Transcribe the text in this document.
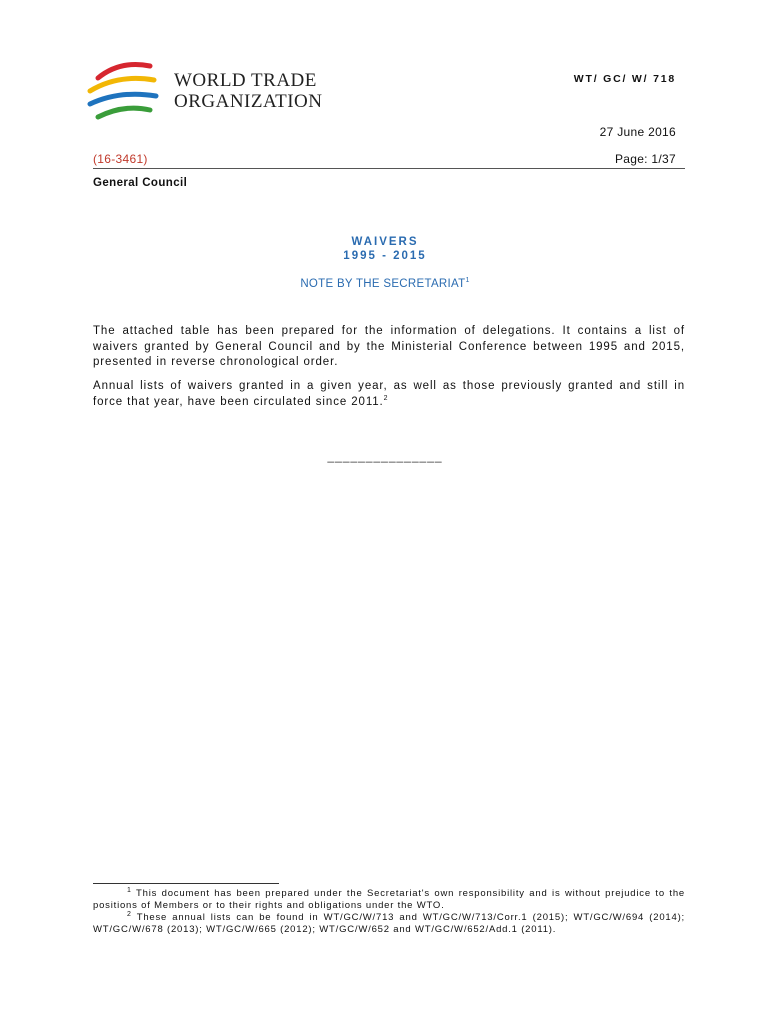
WORLD TRADE
ORGANIZATION
WT/ GC/ W/ 718
27 June 2016
(16-3461)	Page: 1/37
General Council
WAIVERS
1995 - 2015
NOTE BY THE SECRETARIAT$^1$
The attached table has been prepared for the information of delegations. It contains a list of waivers granted by General Council and by the Ministerial Conference between 1995 and 2015, presented in reverse chronological order.
Annual lists of waivers granted in a given year, as well as those previously granted and still in force that year, have been circulated since 2011.$^2$
_______________
$^1$ This document has been prepared under the Secretariat's own responsibility and is without prejudice to the positions of Members or to their rights and obligations under the WTO.
$^2$ These annual lists can be found in WT/GC/W/713 and WT/GC/W/713/Corr.1 (2015); WT/GC/W/694 (2014); WT/GC/W/678 (2013); WT/GC/W/665 (2012); WT/GC/W/652 and WT/GC/W/652/Add.1 (2011).
